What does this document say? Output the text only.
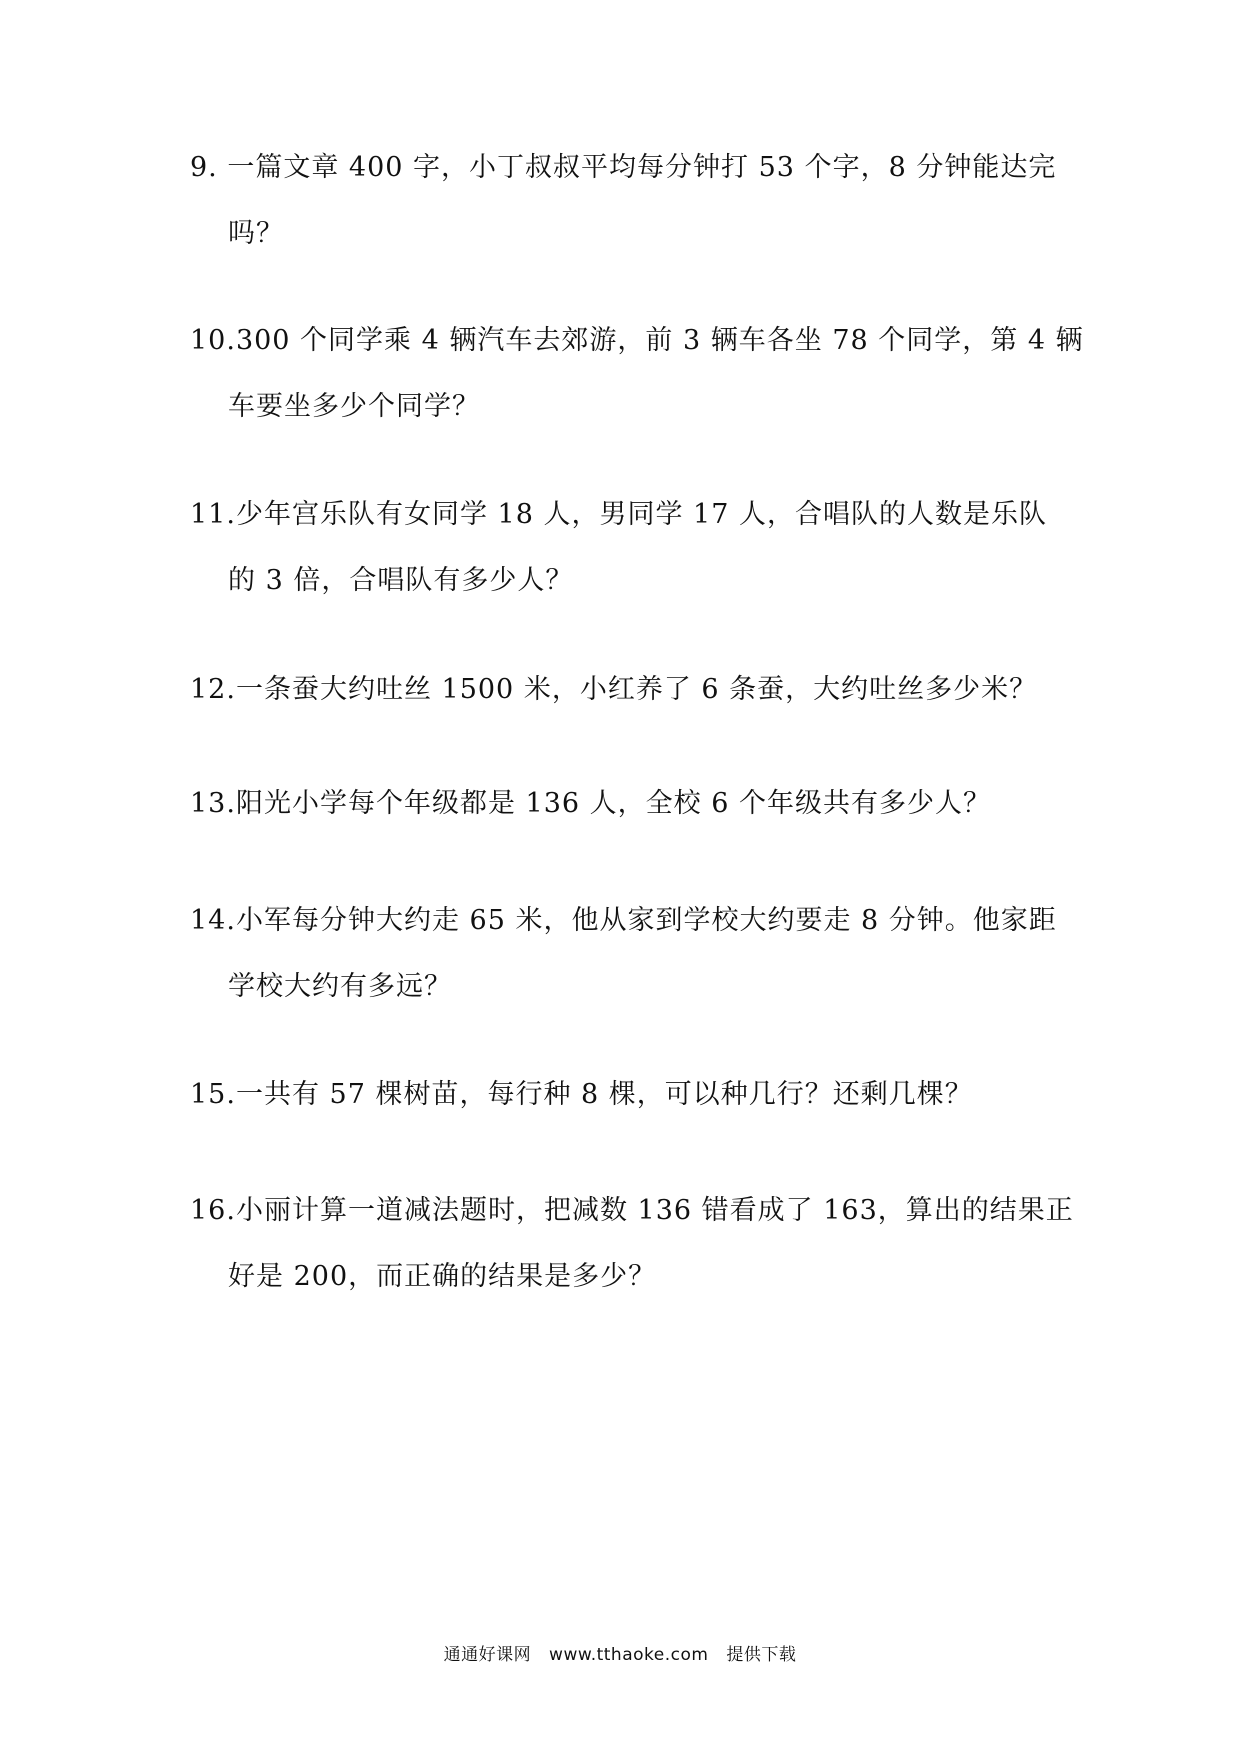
9. 一篇文章 400 字，小丁叔叔平均每分钟打 53 个字，8 分钟能达完
吗？
10.300 个同学乘 4 辆汽车去郊游，前 3 辆车各坐 78 个同学，第 4 辆
车要坐多少个同学？
11.少年宫乐队有女同学 18 人，男同学 17 人，合唱队的人数是乐队
的 3 倍，合唱队有多少人？
12.一条蚕大约吐丝 1500 米，小红养了 6 条蚕，大约吐丝多少米？
13.阳光小学每个年级都是 136 人，全校 6 个年级共有多少人？
14.小军每分钟大约走 65 米，他从家到学校大约要走 8 分钟。他家距
学校大约有多远？
15.一共有 57 棵树苗，每行种 8 棵，可以种几行？还剩几棵？
16.小丽计算一道减法题时，把减数 136 错看成了 163，算出的结果正
好是 200，而正确的结果是多少？
通通好课网 www.tthaoke.com 提供下载
